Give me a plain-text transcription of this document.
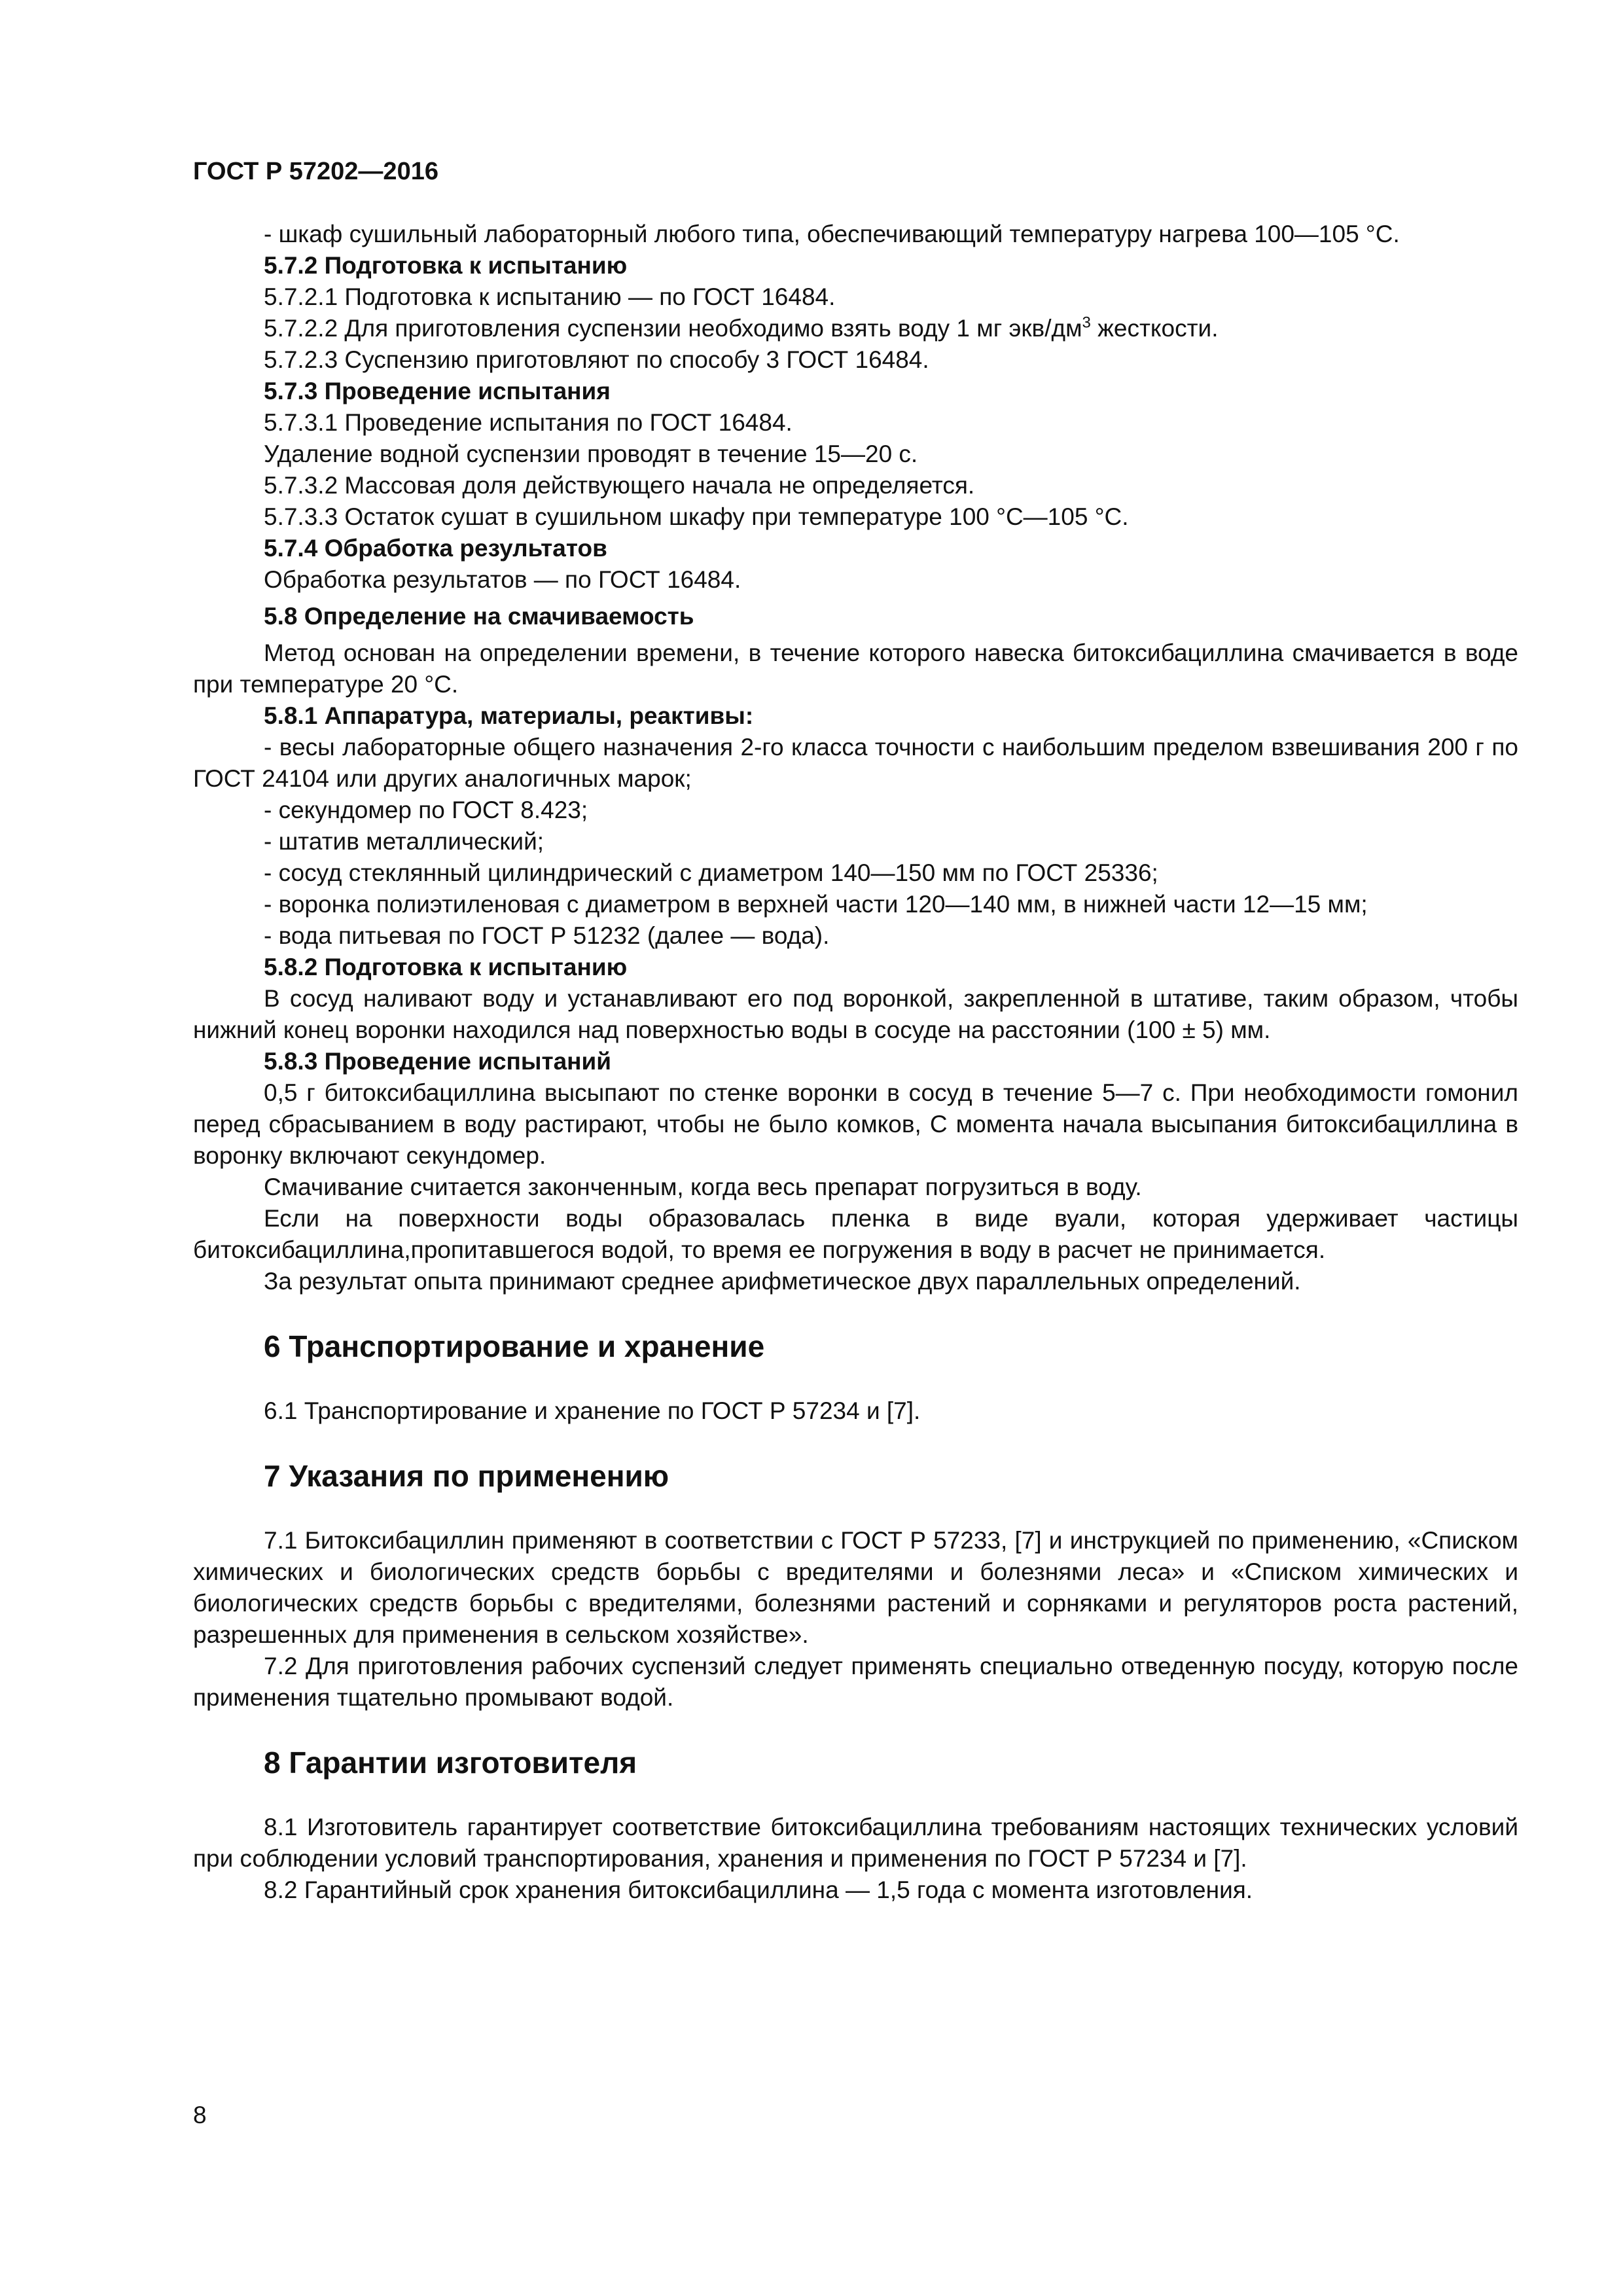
ГОСТ Р 57202—2016

- шкаф сушильный лабораторный любого типа, обеспечивающий температуру нагрева 100—105 °С.

5.7.2 Подготовка к испытанию

5.7.2.1 Подготовка к испытанию — по ГОСТ 16484.

5.7.2.2 Для приготовления суспензии необходимо взять воду 1 мг экв/$дм^3$ жесткости.

5.7.2.3 Суспензию приготовляют по способу 3 ГОСТ 16484.

5.7.3 Проведение испытания

5.7.3.1 Проведение испытания по ГОСТ 16484.

Удаление водной суспензии проводят в течение 15—20 с.

5.7.3.2 Массовая доля действующего начала не определяется.

5.7.3.3 Остаток сушат в сушильном шкафу при температуре 100 °С—105 °С.

5.7.4 Обработка результатов

Обработка результатов — по ГОСТ 16484.

5.8 Определение на смачиваемость

Метод основан на определении времени, в течение которого навеска битоксибациллина смачивается в воде при температуре 20 °С.

5.8.1 Аппаратура, материалы, реактивы:

- весы лабораторные общего назначения 2-го класса точности с наибольшим пределом взвешивания 200 г по ГОСТ 24104 или других аналогичных марок;

- секундомер по ГОСТ 8.423;

- штатив металлический;

- сосуд стеклянный цилиндрический с диаметром 140—150 мм по ГОСТ 25336;

- воронка полиэтиленовая с диаметром в верхней части 120—140 мм, в нижней части 12—15 мм;

- вода питьевая по ГОСТ Р 51232 (далее — вода).

5.8.2 Подготовка к испытанию

В сосуд наливают воду и устанавливают его под воронкой, закрепленной в штативе, таким образом, чтобы нижний конец воронки находился над поверхностью воды в сосуде на расстоянии (100 ± 5) мм.

5.8.3 Проведение испытаний

0,5 г битоксибациллина высыпают по стенке воронки в сосуд в течение 5—7 с. При необходимости гомонил перед сбрасыванием в воду растирают, чтобы не было комков, С момента начала высыпания битоксибациллина в воронку включают секундомер.

Смачивание считается законченным, когда весь препарат погрузиться в воду.

Если на поверхности воды образовалась пленка в виде вуали, которая удерживает частицы битоксибациллина,пропитавшегося водой, то время ее погружения в воду в расчет не принимается.

За результат опыта принимают среднее арифметическое двух параллельных определений.

6 Транспортирование и хранение

6.1 Транспортирование и хранение по ГОСТ Р 57234 и [7].

7 Указания по применению

7.1 Битоксибациллин применяют в соответствии с ГОСТ Р 57233, [7] и инструкцией по применению, «Списком химических и биологических средств борьбы с вредителями и болезнями леса» и «Списком химических и биологических средств борьбы с вредителями, болезнями растений и сорняками и регуляторов роста растений, разрешенных для применения в сельском хозяйстве».

7.2 Для приготовления рабочих суспензий следует применять специально отведенную посуду, которую после применения тщательно промывают водой.

8 Гарантии изготовителя

8.1 Изготовитель гарантирует соответствие битоксибациллина требованиям настоящих технических условий при соблюдении условий транспортирования, хранения и применения по ГОСТ Р 57234 и [7].

8.2 Гарантийный срок хранения битоксибациллина — 1,5 года с момента изготовления.

8
